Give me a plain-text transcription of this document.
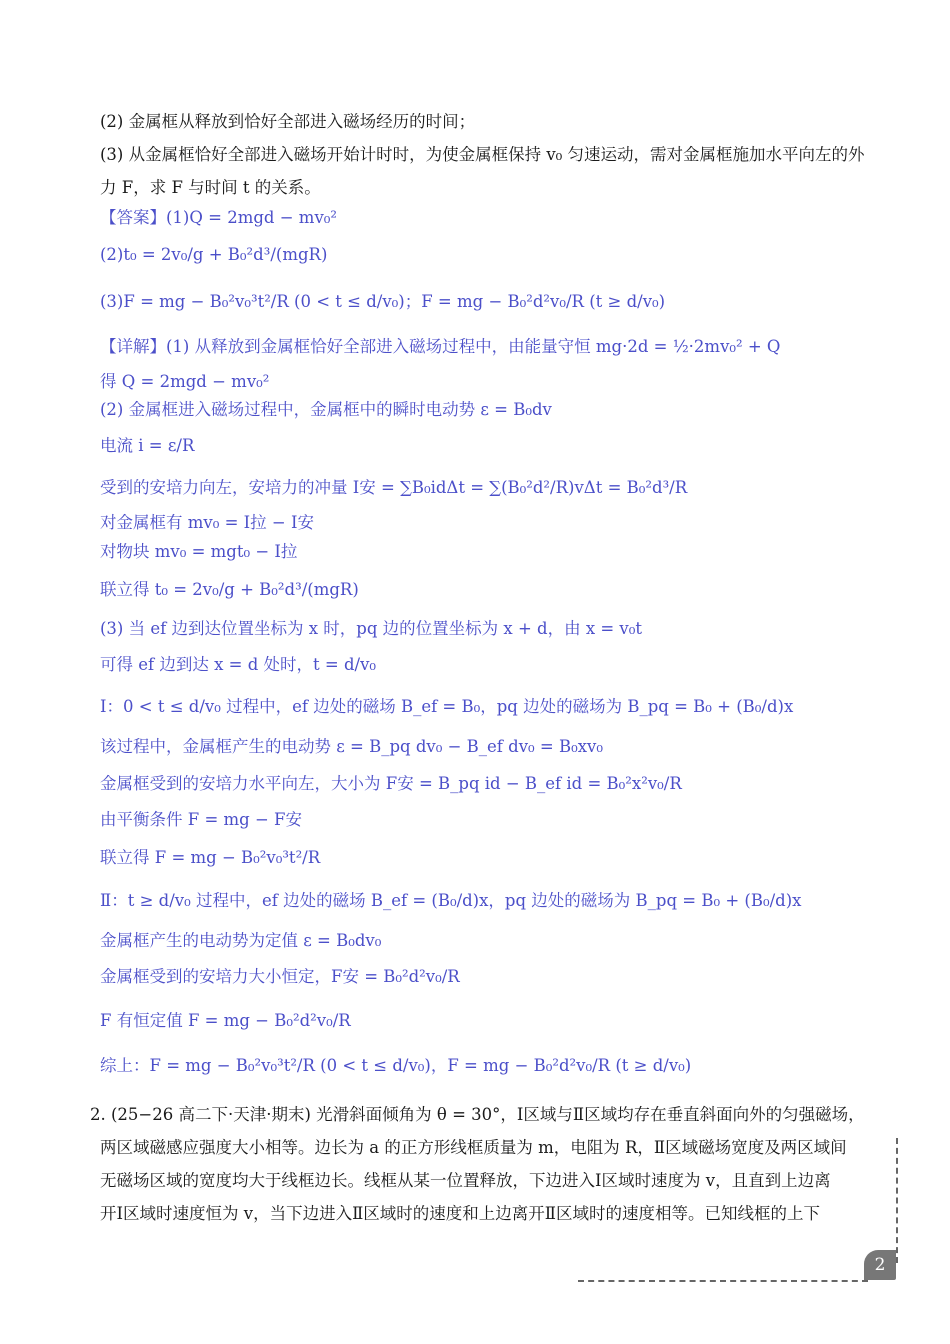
(2) 金属框从释放到恰好全部进入磁场经历的时间；
(3) 从金属框恰好全部进入磁场开始计时时，为使金属框保持 v₀ 匀速运动，需对金属框施加水平向左的外
力 F，求 F 与时间 t 的关系。
【答案】(1)Q = 2mgd − mv₀²
(2)t₀ = 2v₀/g + B₀²d³/(mgR)
(3)F = mg − B₀²v₀³t²/R (0 < t ≤ d/v₀)；F = mg − B₀²d²v₀/R (t ≥ d/v₀)
【详解】(1) 从释放到金属框恰好全部进入磁场过程中，由能量守恒 mg·2d = ½·2mv₀² + Q
得 Q = 2mgd − mv₀²
(2) 金属框进入磁场过程中，金属框中的瞬时电动势 ε = B₀dv
电流 i = ε/R
受到的安培力向左，安培力的冲量 I安 = ∑B₀idΔt = ∑(B₀²d²/R)vΔt = B₀²d³/R
对金属框有 mv₀ = I拉 − I安
对物块 mv₀ = mgt₀ − I拉
联立得 t₀ = 2v₀/g + B₀²d³/(mgR)
(3) 当 ef 边到达位置坐标为 x 时，pq 边的位置坐标为 x + d，由 x = v₀t
可得 ef 边到达 x = d 处时，t = d/v₀
Ⅰ：0 < t ≤ d/v₀ 过程中，ef 边处的磁场 B_ef = B₀，pq 边处的磁场为 B_pq = B₀ + (B₀/d)x
该过程中，金属框产生的电动势 ε = B_pq dv₀ − B_ef dv₀ = B₀xv₀
金属框受到的安培力水平向左，大小为 F安 = B_pq id − B_ef id = B₀²x²v₀/R
由平衡条件 F = mg − F安
联立得 F = mg − B₀²v₀³t²/R
Ⅱ：t ≥ d/v₀ 过程中，ef 边处的磁场 B_ef = (B₀/d)x，pq 边处的磁场为 B_pq = B₀ + (B₀/d)x
金属框产生的电动势为定值 ε = B₀dv₀
金属框受到的安培力大小恒定，F安 = B₀²d²v₀/R
F 有恒定值 F = mg − B₀²d²v₀/R
综上：F = mg − B₀²v₀³t²/R (0 < t ≤ d/v₀)，F = mg − B₀²d²v₀/R (t ≥ d/v₀)
2. (25−26 高二下·天津·期末) 光滑斜面倾角为 θ = 30°，Ⅰ区域与Ⅱ区域均存在垂直斜面向外的匀强磁场，
两区域磁感应强度大小相等。边长为 a 的正方形线框质量为 m，电阻为 R，Ⅱ区域磁场宽度及两区域间
无磁场区域的宽度均大于线框边长。线框从某一位置释放，下边进入Ⅰ区域时速度为 v，且直到上边离
开Ⅰ区域时速度恒为 v，当下边进入Ⅱ区域时的速度和上边离开Ⅱ区域时的速度相等。已知线框的上下
2
